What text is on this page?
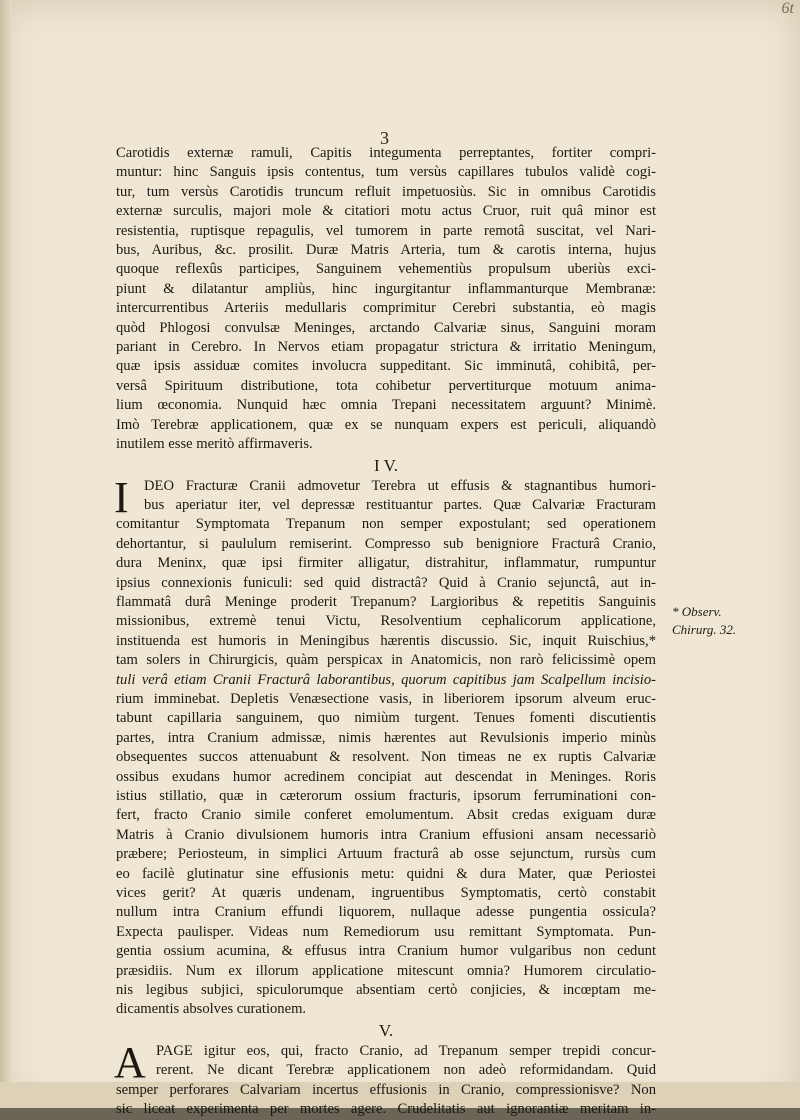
6t
3
Carotidis externæ ramuli, Capitis integumenta perreptantes, fortiter compri-
muntur: hinc Sanguis ipsis contentus, tum versùs capillares tubulos validè cogi-
tur, tum versùs Carotidis truncum refluit impetuosiùs. Sic in omnibus Carotidis
externæ surculis, majori mole & citatiori motu actus Cruor, ruit quâ minor est
resistentia, ruptisque repagulis, vel tumorem in parte remotâ suscitat, vel Nari-
bus, Auribus, &c. prosilit. Duræ Matris Arteria, tum & carotis interna, hujus
quoque reflexûs participes, Sanguinem vehementiùs propulsum uberiùs exci-
piunt & dilatantur ampliùs, hinc ingurgitantur inflammanturque Membranæ:
intercurrentibus Arteriis medullaris comprimitur Cerebri substantia, eò magis
quòd Phlogosi convulsæ Meninges, arctando Calvariæ sinus, Sanguini moram
pariant in Cerebro. In Nervos etiam propagatur strictura & irritatio Meningum,
quæ ipsis assiduæ comites involucra suppeditant. Sic imminutâ, cohibitâ, per-
versâ Spirituum distributione, tota cohibetur pervertiturque motuum anima-
lium œconomia. Nunquid hæc omnia Trepani necessitatem arguunt? Minimè.
Imò Terebræ applicationem, quæ ex se nunquam expers est periculi, aliquandò
inutilem esse meritò affirmaveris.
I V.
I	DEO Fracturæ Cranii admovetur Terebra ut effusis & stagnantibus humori-
bus aperiatur iter, vel depressæ restituantur partes. Quæ Calvariæ Fracturam
comitantur Symptomata Trepanum non semper expostulant; sed operationem
dehortantur, si paululum remiserint. Compresso sub benigniore Fracturâ Cranio,
dura Meninx, quæ ipsi firmiter alligatur, distrahitur, inflammatur, rumpuntur
ipsius connexionis funiculi: sed quid distractâ? Quid à Cranio sejunctâ, aut in-
flammatâ durâ Meninge proderit Trepanum? Largioribus & repetitis Sanguinis
missionibus, extremè tenui Victu, Resolventium cephalicorum applicatione,
instituenda est humoris in Meningibus hærentis discussio. Sic, inquit Ruischius,*
tam solers in Chirurgicis, quàm perspicax in Anatomicis, non rarò felicissimè opem
tuli verâ etiam Cranii Fracturâ laborantibus, quorum capitibus jam Scalpellum incisio-
rium imminebat. Depletis Venæsectione vasis, in liberiorem ipsorum alveum eruc-
tabunt capillaria sanguinem, quo nimiùm turgent. Tenues fomenti discutientis
partes, intra Cranium admissæ, nimis hærentes aut Revulsionis imperio minùs
obsequentes succos attenuabunt & resolvent. Non timeas ne ex ruptis Calvariæ
ossibus exudans humor acredinem concipiat aut descendat in Meninges. Roris
istius stillatio, quæ in cæterorum ossium fracturis, ipsorum ferruminationi con-
fert, fracto Cranio simile conferet emolumentum. Absit credas exiguam duræ
Matris à Cranio divulsionem humoris intra Cranium effusioni ansam necessariò
præbere; Periosteum, in simplici Artuum fracturâ ab osse sejunctum, rursùs cum
eo facilè glutinatur sine effusionis metu: quidni & dura Mater, quæ Periostei
vices gerit? At quæris undenam, ingruentibus Symptomatis, certò constabit
nullum intra Cranium effundi liquorem, nullaque adesse pungentia ossicula?
Expecta paulisper. Videas num Remediorum usu remittant Symptomata. Pun-
gentia ossium acumina, & effusus intra Cranium humor vulgaribus non cedunt
præsidiis. Num ex illorum applicatione mitescunt omnia? Humorem circulatio-
nis legibus subjici, spiculorumque absentiam certò conjicies, & incœptam me-
dicamentis absolves curationem.
V.
A PAGE igitur eos, qui, fracto Cranio, ad Trepanum semper trepidi concur-
rerent. Ne dicant Terebræ applicationem non adeò reformidandam. Quid
semper perforares Calvariam incertus effusionis in Cranio, compressionisve? Non
sic liceat experimenta per mortes agere. Crudelitatis aut ignorantiæ meritam in-
* Observ.
Chirurg. 32.
